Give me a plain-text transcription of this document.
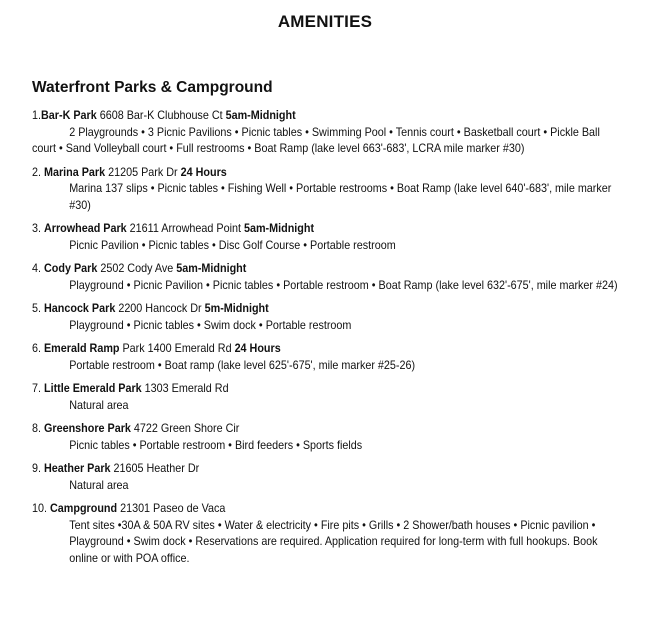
AMENITIES
Waterfront Parks & Campground
1.Bar-K Park 6608 Bar-K Clubhouse Ct 5am-Midnight
2 Playgrounds • 3 Picnic Pavilions • Picnic tables • Swimming Pool • Tennis court • Basketball court • Pickle Ball court • Sand Volleyball court • Full restrooms • Boat Ramp (lake level 663'-683', LCRA mile marker #30)
2. Marina Park 21205 Park Dr 24 Hours
Marina 137 slips • Picnic tables • Fishing Well • Portable restrooms • Boat Ramp (lake level 640'-683', mile marker #30)
3. Arrowhead Park 21611 Arrowhead Point 5am-Midnight
Picnic Pavilion • Picnic tables • Disc Golf Course • Portable restroom
4. Cody Park 2502 Cody Ave 5am-Midnight
Playground • Picnic Pavilion • Picnic tables • Portable restroom • Boat Ramp (lake level 632'-675', mile marker #24)
5. Hancock Park 2200 Hancock Dr 5m-Midnight
Playground • Picnic tables • Swim dock • Portable restroom
6. Emerald Ramp Park 1400 Emerald Rd 24 Hours
Portable restroom • Boat ramp (lake level 625'-675', mile marker #25-26)
7. Little Emerald Park 1303 Emerald Rd
Natural area
8. Greenshore Park 4722 Green Shore Cir
Picnic tables • Portable restroom • Bird feeders • Sports fields
9. Heather Park 21605 Heather Dr
Natural area
10. Campground 21301 Paseo de Vaca
Tent sites •30A & 50A RV sites • Water & electricity • Fire pits • Grills • 2 Shower/bath houses • Picnic pavilion • Playground • Swim dock • Reservations are required. Application required for long-term with full hookups. Book online or with POA office.
